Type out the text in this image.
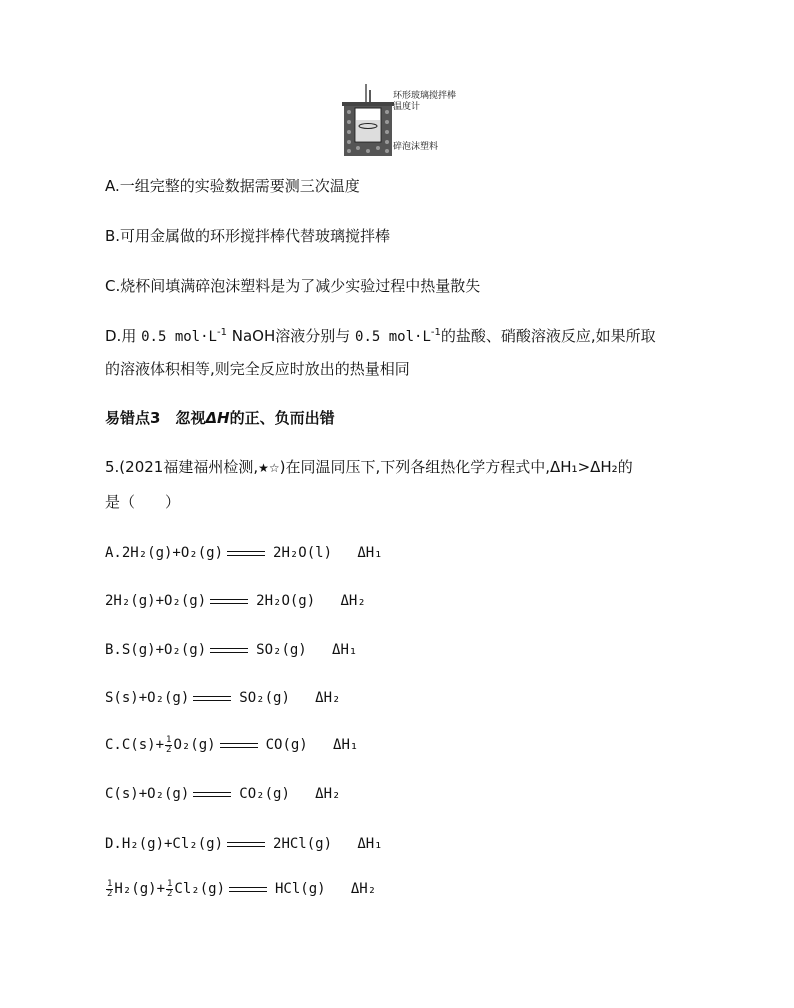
环形玻璃搅拌棒
温度计
碎泡沫塑料
A.一组完整的实验数据需要测三次温度
B.可用金属做的环形搅拌棒代替玻璃搅拌棒
C.烧杯间填满碎泡沫塑料是为了减少实验过程中热量散失
D.用 0.5 $mol\cdot L^{-1}$ NaOH溶液分别与 0.5 $mol\cdot L^{-1}$的盐酸、硝酸溶液反应,如果所取
的溶液体积相等,则完全反应时放出的热量相同
易错点3　忽视ΔH的正、负而出错
5.(2021福建福州检测,★☆)在同温同压下,下列各组热化学方程式中,ΔH₁>ΔH₂的
是（　　）
A.2H₂(g)+O₂(g)	2H₂O(l) ΔH₁
2H₂(g)+O₂(g)	2H₂O(g) ΔH₂
B.S(g)+O₂(g)	SO₂(g) ΔH₁
S(s)+O₂(g)	SO₂(g) ΔH₂
$C.C(s)+ \frac{1}{2} O_2(g)$	CO(g) ΔH₁
C(s)+O₂(g)	CO₂(g) ΔH₂
D.H₂(g)+Cl₂(g)	2HCl(g) ΔH₁
$\frac{1}{2} H_2(g)+ \frac{1}{2} Cl_2(g)$	HCl(g) ΔH₂
